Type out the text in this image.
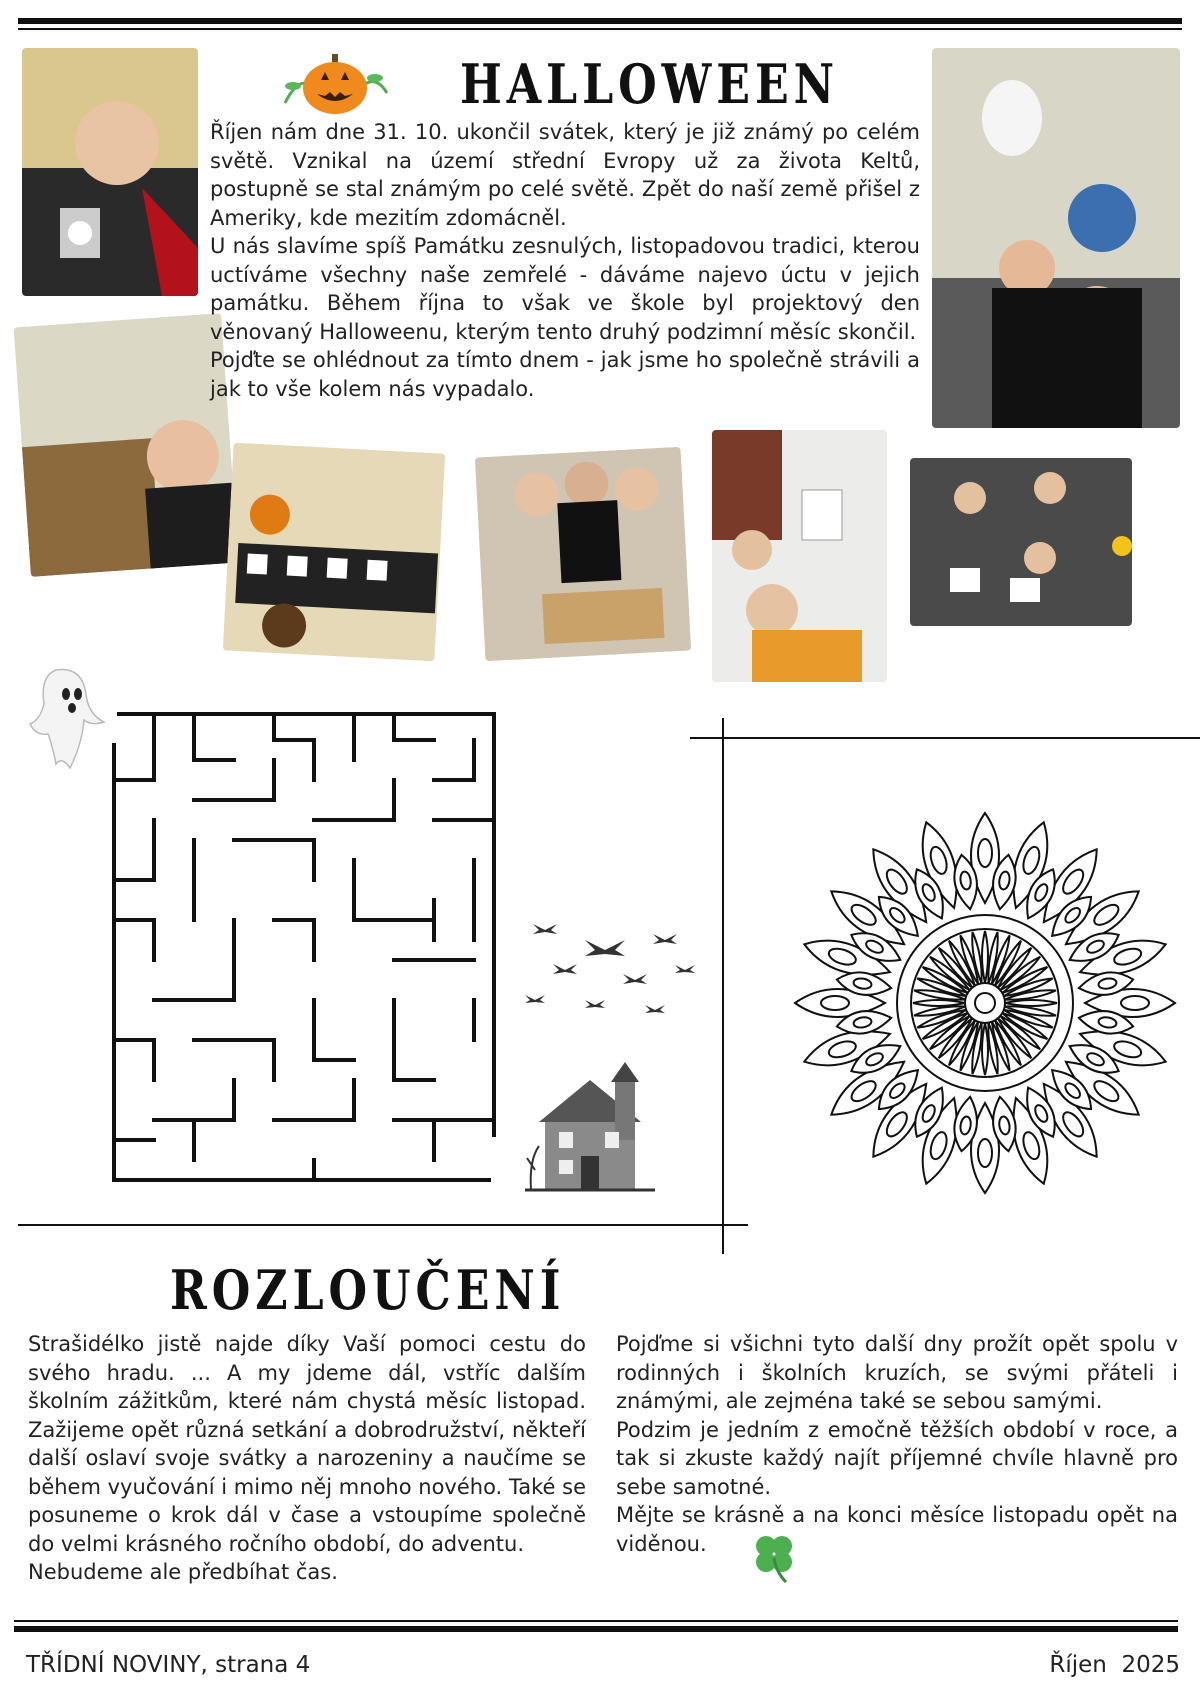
HALLOWEEN

Říjen nám dne 31. 10. ukončil svátek, který je již známý po celém světě. Vznikal na území střední Evropy už za života Keltů, postupně se stal známým po celé světě. Zpět do naší země přišel z Ameriky, kde mezitím zdomácněl.

U nás slavíme spíš Památku zesnulých, listopadovou tradici, kterou uctíváme všechny naše zemřelé - dáváme najevo úctu v jejich památku. Během října to však ve škole byl projektový den věnovaný Halloweenu, kterým tento druhý podzimní měsíc skončil.

Pojďte se ohlédnout za tímto dnem - jak jsme ho společně strávili a jak to vše kolem nás vypadalo.

ROZLOUČENÍ

Strašidélko jistě najde díky Vaší pomoci cestu do svého hradu. ... A my jdeme dál, vstříc dalším školním zážitkům, které nám chystá měsíc listopad. Zažijeme opět různá setkání a dobrodružství, někteří další oslaví svoje svátky a narozeniny a naučíme se během vyučování i mimo něj mnoho nového. Také se posuneme o krok dál v čase a vstoupíme společně do velmi krásného ročního období, do adventu.

Nebudeme ale předbíhat čas.

Pojďme si všichni tyto další dny prožít opět spolu v rodinných i školních kruzích, se svými přáteli i známými, ale zejména také se sebou samými.

Podzim je jedním z emočně těžších období v roce, a tak si zkuste každý najít příjemné chvíle hlavně pro sebe samotné.

Mějte se krásně a na konci měsíce listopadu opět na viděnou.

TŘÍDNÍ NOVINY, strana 4	Říjen  2025
